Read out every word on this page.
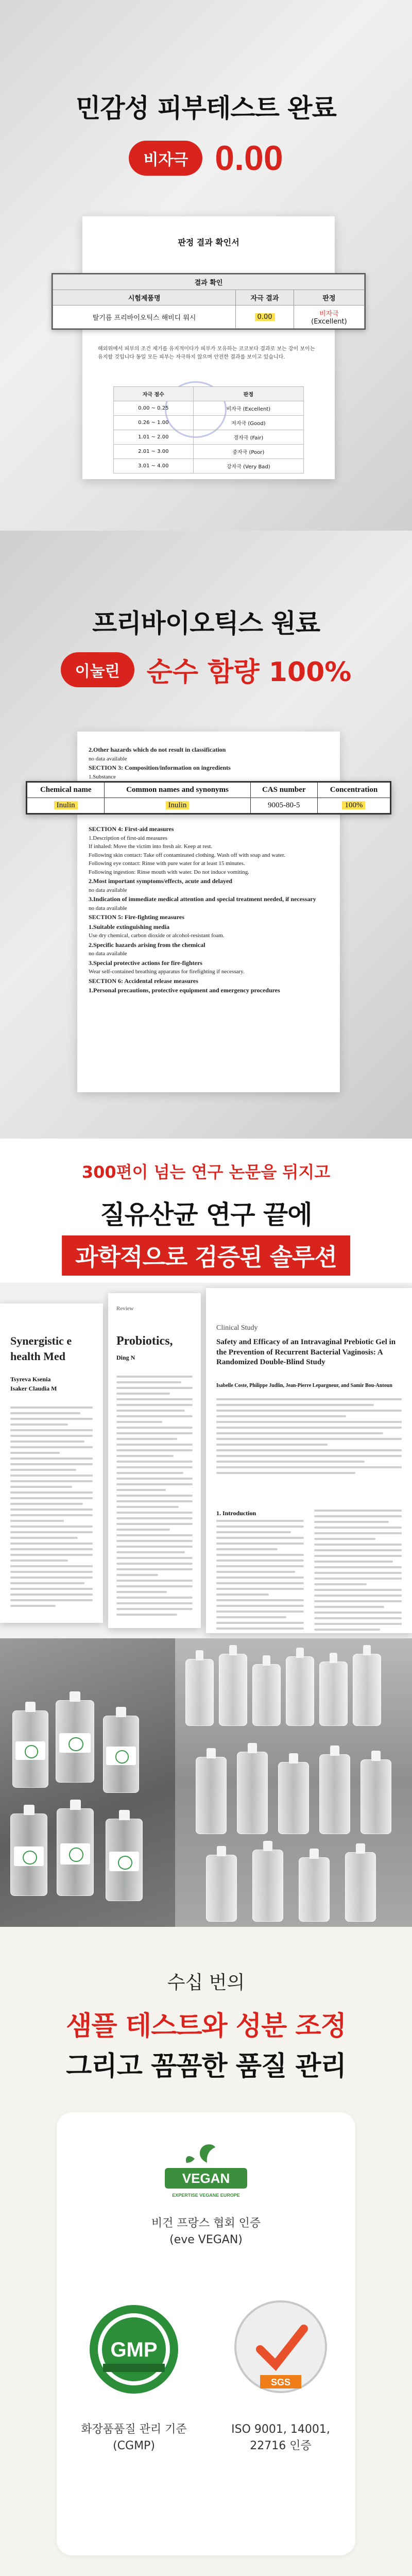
민감성 피부테스트 완료
비자극 0.00
판정 결과 확인서
결과 확인		
시험제품명	자극 결과	판정
탈기름 프리바이오틱스 해비디 워시	0.00	비자극
(Excellent)

해외위에서 피부의 조건 제기를 유지적이다가 피부가 모유하는 코코보다 결과로 보는 강이 보이는 유지할 것입니다 동일 모든 피부는 자극하지 않으며 안전한 결과를 보이고 있습니다.

자극 점수	판정
0.00 ~ 0.25	비자극 (Excellent)
0.26 ~ 1.00	저자극 (Good)
1.01 ~ 2.00	경자극 (Fair)
2.01 ~ 3.00	중자극 (Poor)
3.01 ~ 4.00	강자극 (Very Bad)
프리바이오틱스 원료
이눌린	순수 함량 100%
2.Other hazards which do not result in classification
no data available
SECTION 3: Composition/information on ingredients
1.Substance
Chemical name	Common names and synonyms	CAS number	Concentration
Inulin	Inulin	9005-80-5	100%
SECTION 4: First-aid measures
1.Description of first-aid measures
If inhaled: Move the victim into fresh air. Keep at rest.
Following skin contact: Take off contaminated clothing. Wash off with soap and water.
Following eye contact: Rinse with pure water for at least 15 minutes.
Following ingestion: Rinse mouth with water. Do not induce vomiting.
2.Most important symptoms/effects, acute and delayed
no data available
3.Indication of immediate medical attention and special treatment needed, if necessary
no data available
SECTION 5: Fire-fighting measures
1.Suitable extinguishing media
Use dry chemical, carbon dioxide or alcohol-resistant foam.
2.Specific hazards arising from the chemical
no data available
3.Special protective actions for fire-fighters
Wear self-contained breathing apparatus for firefighting if necessary.
SECTION 6: Accidental release measures
1.Personal precautions, protective equipment and emergency procedures
300편이 넘는 연구 논문을 뒤지고
질유산균 연구 끝에
과학적으로 검증된 솔루션
Synergistic e
health Med
Tsyreva Ksenia
Isaker Claudia M
Review
Probiotics,
Ding N
Clinical Study
Safety and Efficacy of an Intravaginal Prebiotic Gel in the Prevention of Recurrent Bacterial Vaginosis: A Randomized Double-Blind Study
Isabelle Coste, Philippe Judlin, Jean-Pierre Lepargneur, and Samir Bou-Antoun
1. Introduction
수십 번의
샘플 테스트와 성분 조정
그리고 꼼꼼한 품질 관리
VEGAN
EXPERTISE VEGANE EUROPE
비건 프랑스 협회 인증
(eve VEGAN)
GMP
화장품품질 관리 기준
(CGMP)
SGS
ISO 9001, 14001,
22716 인증
